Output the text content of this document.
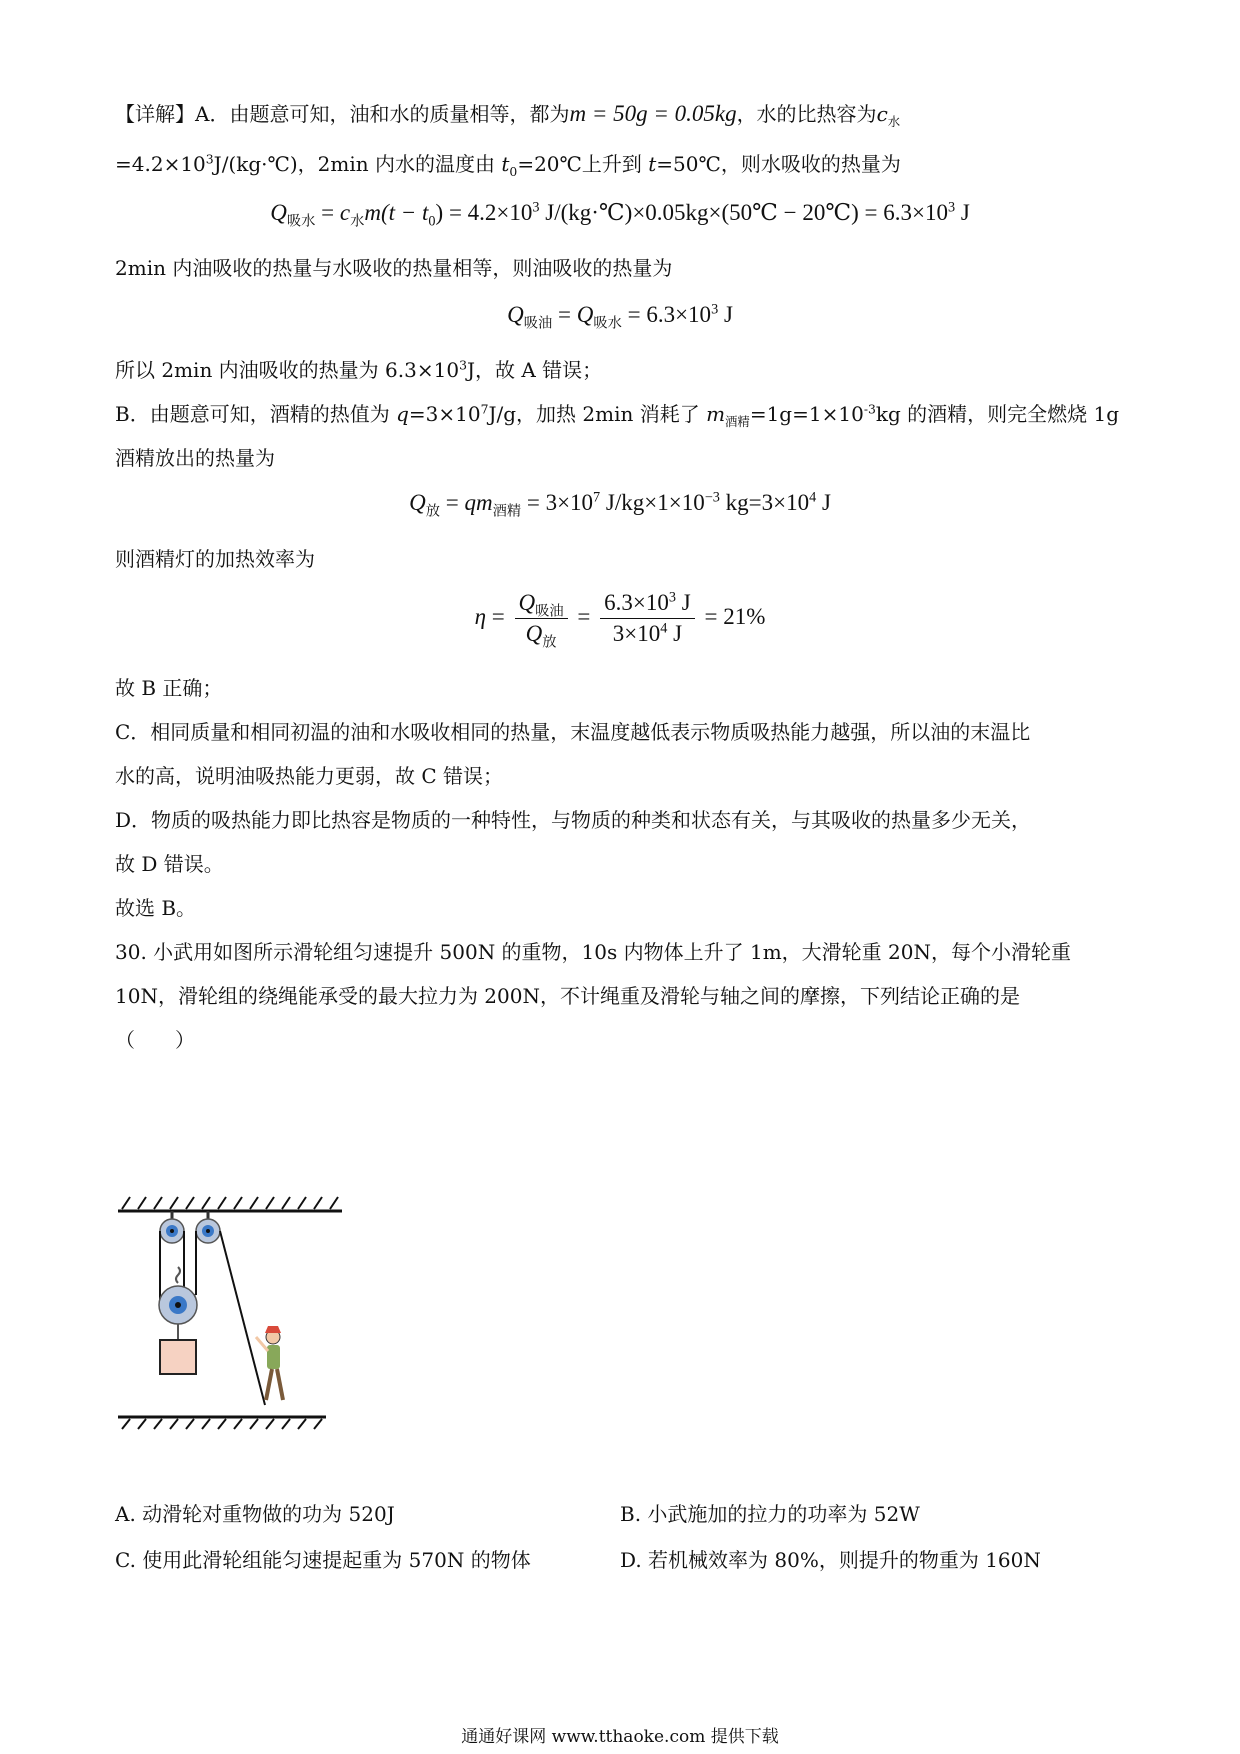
【详解】A．由题意可知，油和水的质量相等，都为m = 50g = 0.05kg，水的比热容为$c_水$
$=4.2\times 10^3J/(kg\cdot℃)$，2min 内水的温度由 $t_0=20℃$上升到 t=50℃，则水吸收的热量为
$Q_{吸水} = c_水m(t - t_0) = 4.2\times 10^3$ J/(kg·℃)×0.05kg×(50℃ − 20℃) = $6.3\times 10^3$ J
2min 内油吸收的热量与水吸收的热量相等，则油吸收的热量为
$Q_{吸油} = Q_{吸水} = 6.3\times 10^3$ J
所以 2min 内油吸收的热量为 $6.3\times 10^3J$，故 A 错误；
B．由题意可知，酒精的热值为 $q=3\times 10^7J/g$，加热 2min 消耗了 $m_{酒精}=1g=1\times 10^{-3}kg$ 的酒精，则完全燃烧 1g
酒精放出的热量为
$Q_放 = qm_{酒精} = 3\times 10^7$ $J/kg\times 1\times 10^{-3}$ $kg=3\times 10^4$ J
则酒精灯的加热效率为
$\eta = \frac{Q_{吸油}}{Q_放} = \frac{6.3\times 10^3 J}{3\times 10^4 J} = 21\%$
故 B 正确；
C．相同质量和相同初温的油和水吸收相同的热量，末温度越低表示物质吸热能力越强，所以油的末温比
水的高，说明油吸热能力更弱，故 C 错误；
D．物质的吸热能力即比热容是物质的一种特性，与物质的种类和状态有关，与其吸收的热量多少无关，
故 D 错误。
故选 B。
30. 小武用如图所示滑轮组匀速提升 500N 的重物，10s 内物体上升了 1m，大滑轮重 20N，每个小滑轮重
10N，滑轮组的绕绳能承受的最大拉力为 200N，不计绳重及滑轮与轴之间的摩擦，下列结论正确的是
（　　）
A. 动滑轮对重物做的功为 520J	B. 小武施加的拉力的功率为 52W
C. 使用此滑轮组能匀速提起重为 570N 的物体	D. 若机械效率为 80%，则提升的物重为 160N
通通好课网 www.tthaoke.com 提供下载
